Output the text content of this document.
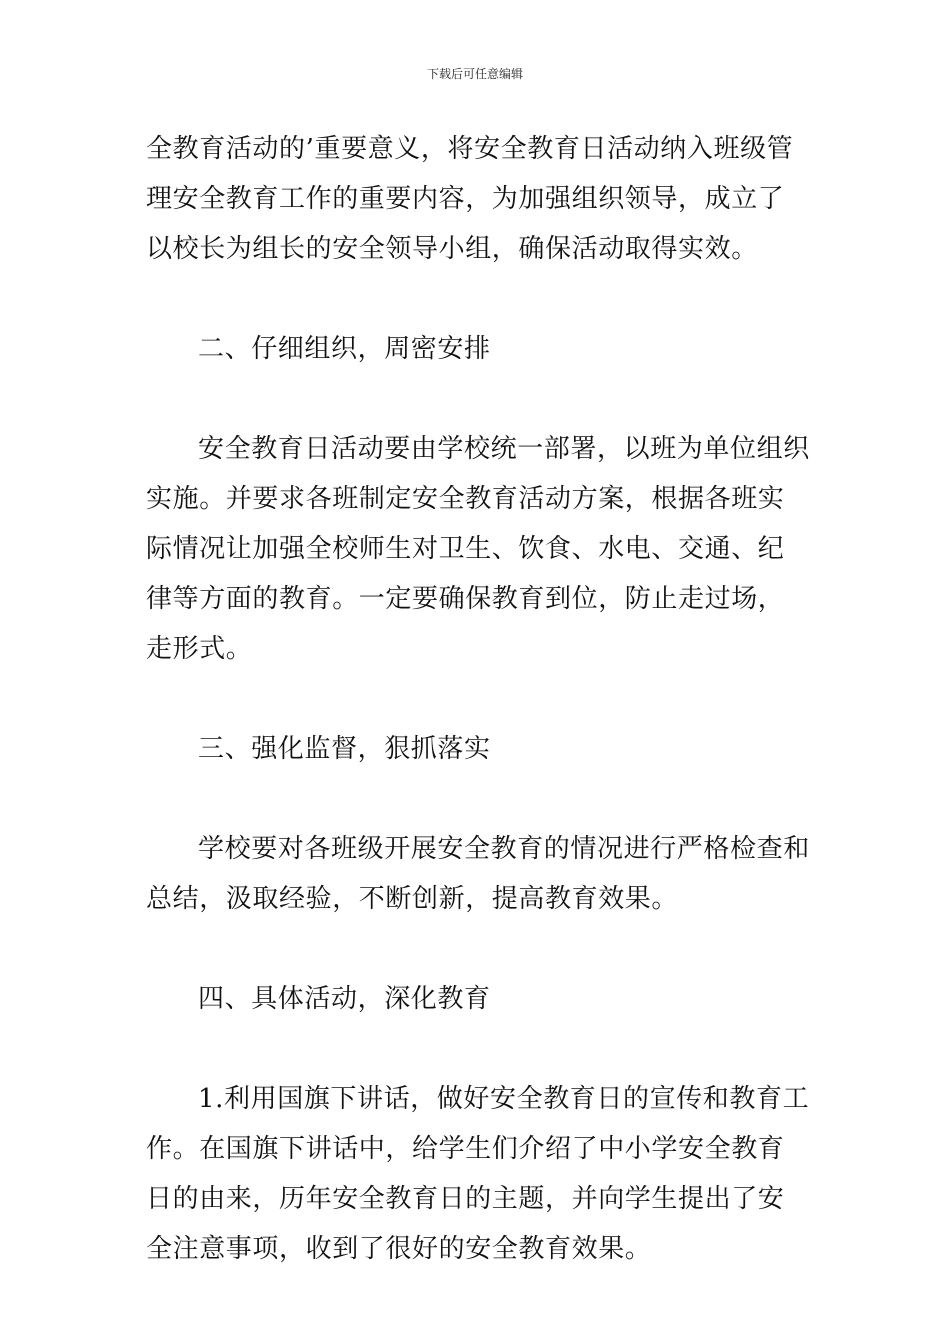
下载后可任意编辑

全教育活动的’重要意义，将安全教育日活动纳入班级管理安全教育工作的重要内容，为加强组织领导，成立了以校长为组长的安全领导小组，确保活动取得实效。

二、仔细组织，周密安排

安全教育日活动要由学校统一部署，以班为单位组织实施。并要求各班制定安全教育活动方案，根据各班实际情况让加强全校师生对卫生、饮食、水电、交通、纪律等方面的教育。一定要确保教育到位，防止走过场，走形式。

三、强化监督，狠抓落实

学校要对各班级开展安全教育的情况进行严格检查和总结，汲取经验，不断创新，提高教育效果。

四、具体活动，深化教育

1.利用国旗下讲话，做好安全教育日的宣传和教育工作。在国旗下讲话中，给学生们介绍了中小学安全教育日的由来，历年安全教育日的主题，并向学生提出了安全注意事项，收到了很好的安全教育效果。
